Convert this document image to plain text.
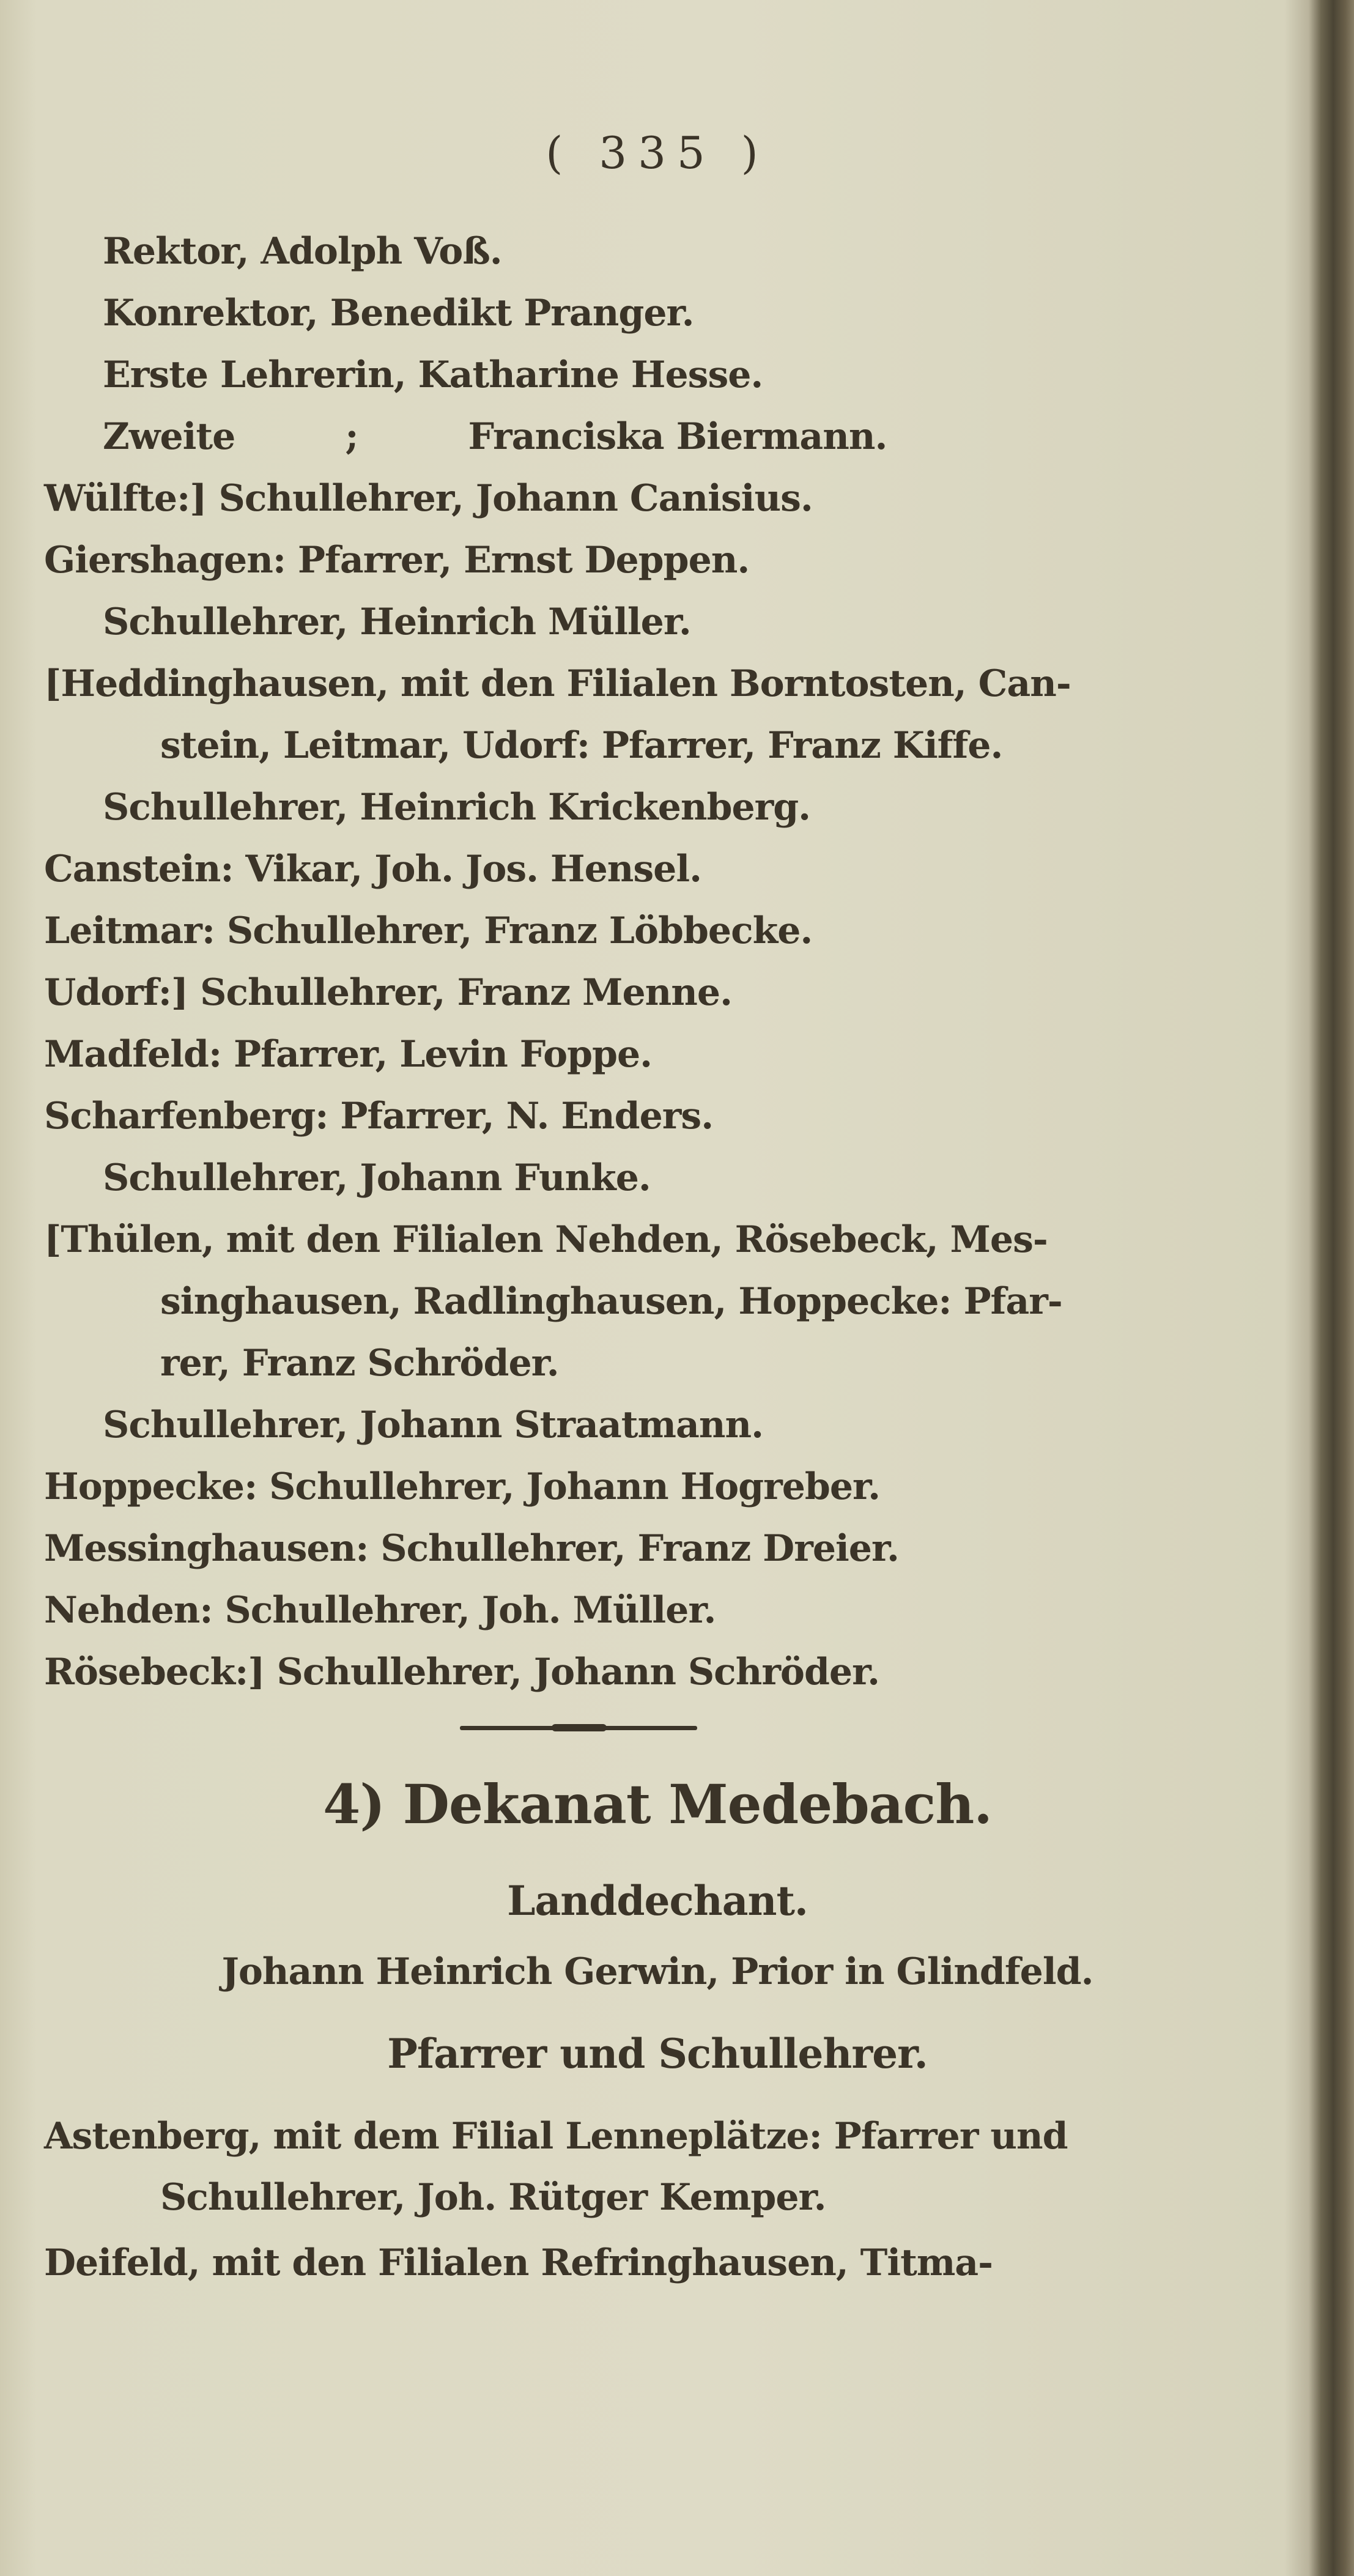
( 335 )
Rektor, Adolph Voß.
Konrektor, Benedikt Pranger.
Erste Lehrerin, Katharine Hesse.
Zweite	;	Franciska Biermann.
Wülfte:] Schullehrer, Johann Canisius.
Giershagen: Pfarrer, Ernst Deppen.
Schullehrer, Heinrich Müller.
[Heddinghausen, mit den Filialen Borntosten, Can-
stein, Leitmar, Udorf: Pfarrer, Franz Kiffe.
Schullehrer, Heinrich Krickenberg.
Canstein: Vikar, Joh. Jos. Hensel.
Leitmar: Schullehrer, Franz Löbbecke.
Udorf:] Schullehrer, Franz Menne.
Madfeld: Pfarrer, Levin Foppe.
Scharfenberg: Pfarrer, N. Enders.
Schullehrer, Johann Funke.
[Thülen, mit den Filialen Nehden, Rösebeck, Mes-
singhausen, Radlinghausen, Hoppecke: Pfar-
rer, Franz Schröder.
Schullehrer, Johann Straatmann.
Hoppecke: Schullehrer, Johann Hogreber.
Messinghausen: Schullehrer, Franz Dreier.
Nehden: Schullehrer, Joh. Müller.
Rösebeck:] Schullehrer, Johann Schröder.
4) Dekanat Medebach.
Landdechant.
Johann Heinrich Gerwin, Prior in Glindfeld.
Pfarrer und Schullehrer.
Astenberg, mit dem Filial Lenneplätze: Pfarrer und
Schullehrer, Joh. Rütger Kemper.
Deifeld, mit den Filialen Refringhausen, Titma-
